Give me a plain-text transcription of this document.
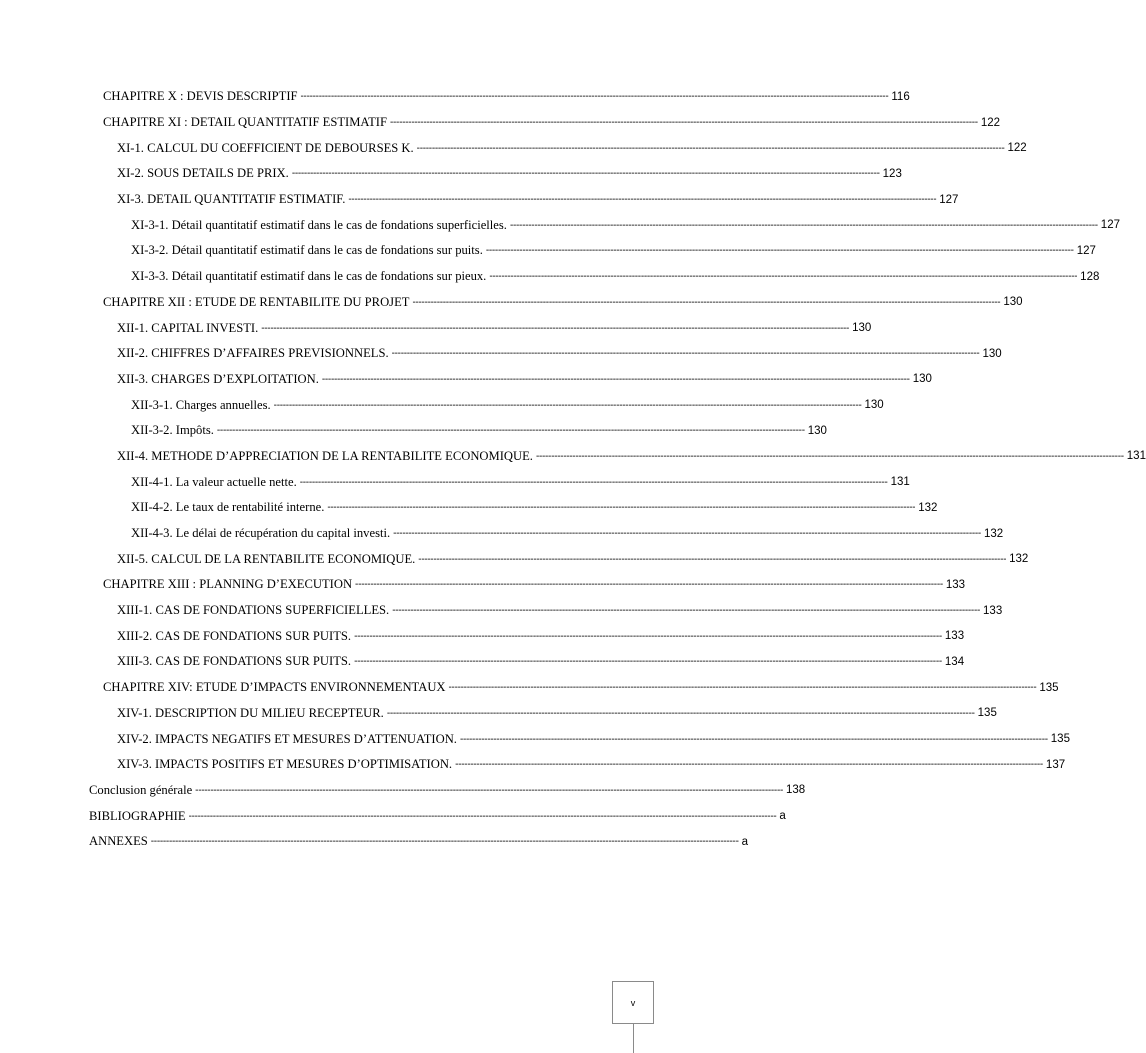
CHAPITRE X : DEVIS DESCRIPTIF -------------------------------------------------------------------------------------------------------------------------------------------------------------------------------------------------- 116
CHAPITRE XI : DETAIL QUANTITATIF ESTIMATIF -------------------------------------------------------------------------------------------------------------------------------------------------------------------------------------------------- 122
XI-1. CALCUL DU COEFFICIENT DE DEBOURSES K. -------------------------------------------------------------------------------------------------------------------------------------------------------------------------------------------------- 122
XI-2. SOUS DETAILS DE PRIX. -------------------------------------------------------------------------------------------------------------------------------------------------------------------------------------------------- 123
XI-3. DETAIL QUANTITATIF ESTIMATIF. -------------------------------------------------------------------------------------------------------------------------------------------------------------------------------------------------- 127
XI-3-1. Détail quantitatif estimatif dans le cas de fondations superficielles. -------------------------------------------------------------------------------------------------------------------------------------------------------------------------------------------------- 127
XI-3-2. Détail quantitatif estimatif dans le cas de fondations sur puits. -------------------------------------------------------------------------------------------------------------------------------------------------------------------------------------------------- 127
XI-3-3. Détail quantitatif estimatif dans le cas de fondations sur pieux. -------------------------------------------------------------------------------------------------------------------------------------------------------------------------------------------------- 128
CHAPITRE XII : ETUDE DE RENTABILITE DU PROJET -------------------------------------------------------------------------------------------------------------------------------------------------------------------------------------------------- 130
XII-1. CAPITAL INVESTI. -------------------------------------------------------------------------------------------------------------------------------------------------------------------------------------------------- 130
XII-2. CHIFFRES D’AFFAIRES PREVISIONNELS. -------------------------------------------------------------------------------------------------------------------------------------------------------------------------------------------------- 130
XII-3. CHARGES D’EXPLOITATION. -------------------------------------------------------------------------------------------------------------------------------------------------------------------------------------------------- 130
XII-3-1. Charges annuelles. -------------------------------------------------------------------------------------------------------------------------------------------------------------------------------------------------- 130
XII-3-2. Impôts. -------------------------------------------------------------------------------------------------------------------------------------------------------------------------------------------------- 130
XII-4. METHODE D’APPRECIATION DE LA RENTABILITE ECONOMIQUE. -------------------------------------------------------------------------------------------------------------------------------------------------------------------------------------------------- 131
XII-4-1. La valeur actuelle nette. -------------------------------------------------------------------------------------------------------------------------------------------------------------------------------------------------- 131
XII-4-2. Le taux de rentabilité interne. -------------------------------------------------------------------------------------------------------------------------------------------------------------------------------------------------- 132
XII-4-3. Le délai de récupération du capital investi. -------------------------------------------------------------------------------------------------------------------------------------------------------------------------------------------------- 132
XII-5. CALCUL DE LA RENTABILITE ECONOMIQUE. -------------------------------------------------------------------------------------------------------------------------------------------------------------------------------------------------- 132
CHAPITRE XIII : PLANNING D’EXECUTION -------------------------------------------------------------------------------------------------------------------------------------------------------------------------------------------------- 133
XIII-1. CAS DE FONDATIONS SUPERFICIELLES. -------------------------------------------------------------------------------------------------------------------------------------------------------------------------------------------------- 133
XIII-2. CAS DE FONDATIONS SUR PUITS. -------------------------------------------------------------------------------------------------------------------------------------------------------------------------------------------------- 133
XIII-3. CAS DE FONDATIONS SUR PUITS. -------------------------------------------------------------------------------------------------------------------------------------------------------------------------------------------------- 134
CHAPITRE XIV: ETUDE D’IMPACTS ENVIRONNEMENTAUX -------------------------------------------------------------------------------------------------------------------------------------------------------------------------------------------------- 135
XIV-1. DESCRIPTION DU MILIEU RECEPTEUR. -------------------------------------------------------------------------------------------------------------------------------------------------------------------------------------------------- 135
XIV-2. IMPACTS NEGATIFS ET MESURES D’ATTENUATION. -------------------------------------------------------------------------------------------------------------------------------------------------------------------------------------------------- 135
XIV-3. IMPACTS POSITIFS ET MESURES D’OPTIMISATION. -------------------------------------------------------------------------------------------------------------------------------------------------------------------------------------------------- 137
Conclusion générale -------------------------------------------------------------------------------------------------------------------------------------------------------------------------------------------------- 138
BIBLIOGRAPHIE -------------------------------------------------------------------------------------------------------------------------------------------------------------------------------------------------- a
ANNEXES -------------------------------------------------------------------------------------------------------------------------------------------------------------------------------------------------- a
v
